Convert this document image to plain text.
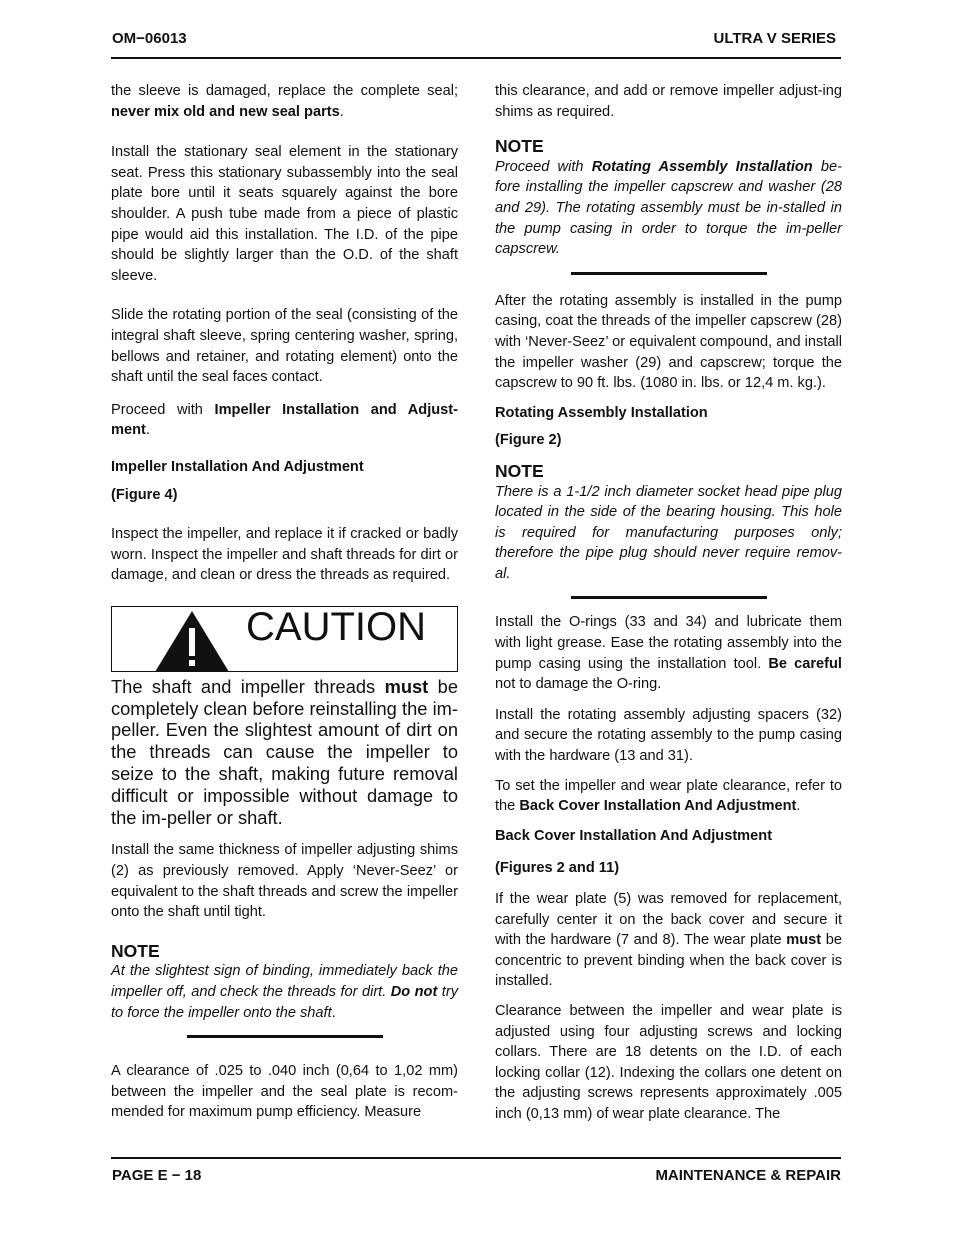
OM−06013	ULTRA V SERIES

the sleeve is damaged, replace the complete seal; never mix old and new seal parts.

Install the stationary seal element in the stationary seat. Press this stationary subassembly into the seal plate bore until it seats squarely against the bore shoulder. A push tube made from a piece of plastic pipe would aid this installation. The I.D. of the pipe should be slightly larger than the O.D. of the shaft sleeve.

Slide the rotating portion of the seal (consisting of the integral shaft sleeve, spring centering washer, spring, bellows and retainer, and rotating element) onto the shaft until the seal faces contact.

Proceed with Impeller Installation and Adjust-ment.

Impeller Installation And Adjustment

(Figure 4)

Inspect the impeller, and replace it if cracked or badly worn. Inspect the impeller and shaft threads for dirt or damage, and clean or dress the threads as required.

CAUTION

The shaft and impeller threads must be completely clean before reinstalling the im-peller. Even the slightest amount of dirt on the threads can cause the impeller to seize to the shaft, making future removal difficult or impossible without damage to the im-peller or shaft.

Install the same thickness of impeller adjusting shims (2) as previously removed. Apply ‘Never-Seez’ or equivalent to the shaft threads and screw the impeller onto the shaft until tight.

NOTE

At the slightest sign of binding, immediately back the impeller off, and check the threads for dirt. Do not try to force the impeller onto the shaft.

A clearance of .025 to .040 inch (0,64 to 1,02 mm) between the impeller and the seal plate is recom-mended for maximum pump efficiency. Measure

this clearance, and add or remove impeller adjust-ing shims as required.

NOTE

Proceed with Rotating Assembly Installation be-fore installing the impeller capscrew and washer (28 and 29). The rotating assembly must be in-stalled in the pump casing in order to torque the im-peller capscrew.

After the rotating assembly is installed in the pump casing, coat the threads of the impeller capscrew (28) with ‘Never-Seez’ or equivalent compound, and install the impeller washer (29) and capscrew; torque the capscrew to 90 ft. lbs. (1080 in. lbs. or 12,4 m. kg.).

Rotating Assembly Installation

(Figure 2)

NOTE

There is a 1-1/2 inch diameter socket head pipe plug located in the side of the bearing housing. This hole is required for manufacturing purposes only; therefore the pipe plug should never require remov-al.

Install the O-rings (33 and 34) and lubricate them with light grease. Ease the rotating assembly into the pump casing using the installation tool. Be careful not to damage the O-ring.

Install the rotating assembly adjusting spacers (32) and secure the rotating assembly to the pump casing with the hardware (13 and 31).

To set the impeller and wear plate clearance, refer to the Back Cover Installation And Adjustment.

Back Cover Installation And Adjustment

(Figures 2 and 11)

If the wear plate (5) was removed for replacement, carefully center it on the back cover and secure it with the hardware (7 and 8). The wear plate must be concentric to prevent binding when the back cover is installed.

Clearance between the impeller and wear plate is adjusted using four adjusting screws and locking collars. There are 18 detents on the I.D. of each locking collar (12). Indexing the collars one detent on the adjusting screws represents approximately .005 inch (0,13 mm) of wear plate clearance. The

PAGE E − 18	MAINTENANCE & REPAIR
